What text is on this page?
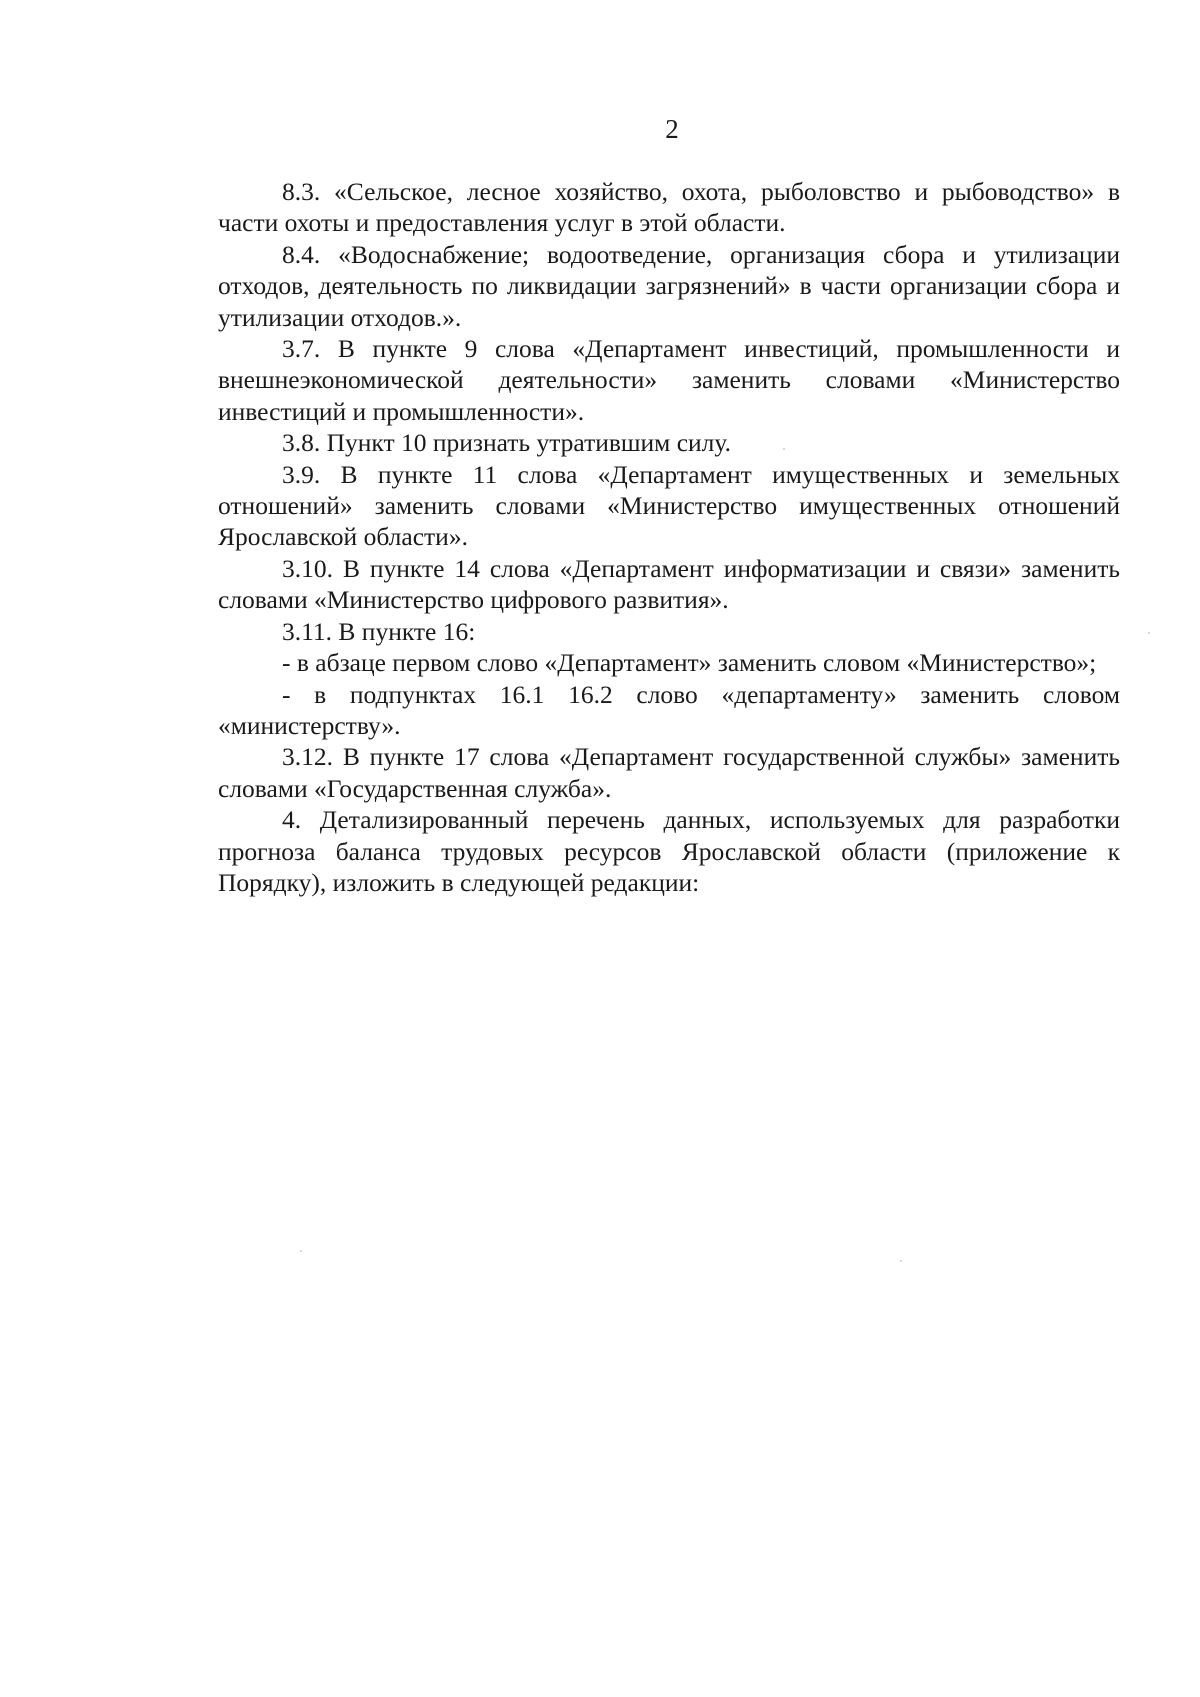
2

8.3. «Сельское, лесное хозяйство, охота, рыболовство и рыбоводство» в части охоты и предоставления услуг в этой области.

8.4. «Водоснабжение; водоотведение, организация сбора и утилизации отходов, деятельность по ликвидации загрязнений» в части организации сбора и утилизации отходов.».

3.7. В пункте 9 слова «Департамент инвестиций, промышленности и внешнеэкономической деятельности» заменить словами «Министерство инвестиций и промышленности».

3.8. Пункт 10 признать утратившим силу.

3.9. В пункте 11 слова «Департамент имущественных и земельных отношений» заменить словами «Министерство имущественных отношений Ярославской области».

3.10. В пункте 14 слова «Департамент информатизации и связи» заменить словами «Министерство цифрового развития».

3.11. В пункте 16:

- в абзаце первом слово «Департамент» заменить словом «Министерство»;

- в подпунктах 16.1 16.2 слово «департаменту» заменить словом «министерству».

3.12. В пункте 17 слова «Департамент государственной службы» заменить словами «Государственная служба».

4. Детализированный перечень данных, используемых для разработки прогноза баланса трудовых ресурсов Ярославской области (приложение к Порядку), изложить в следующей редакции:
